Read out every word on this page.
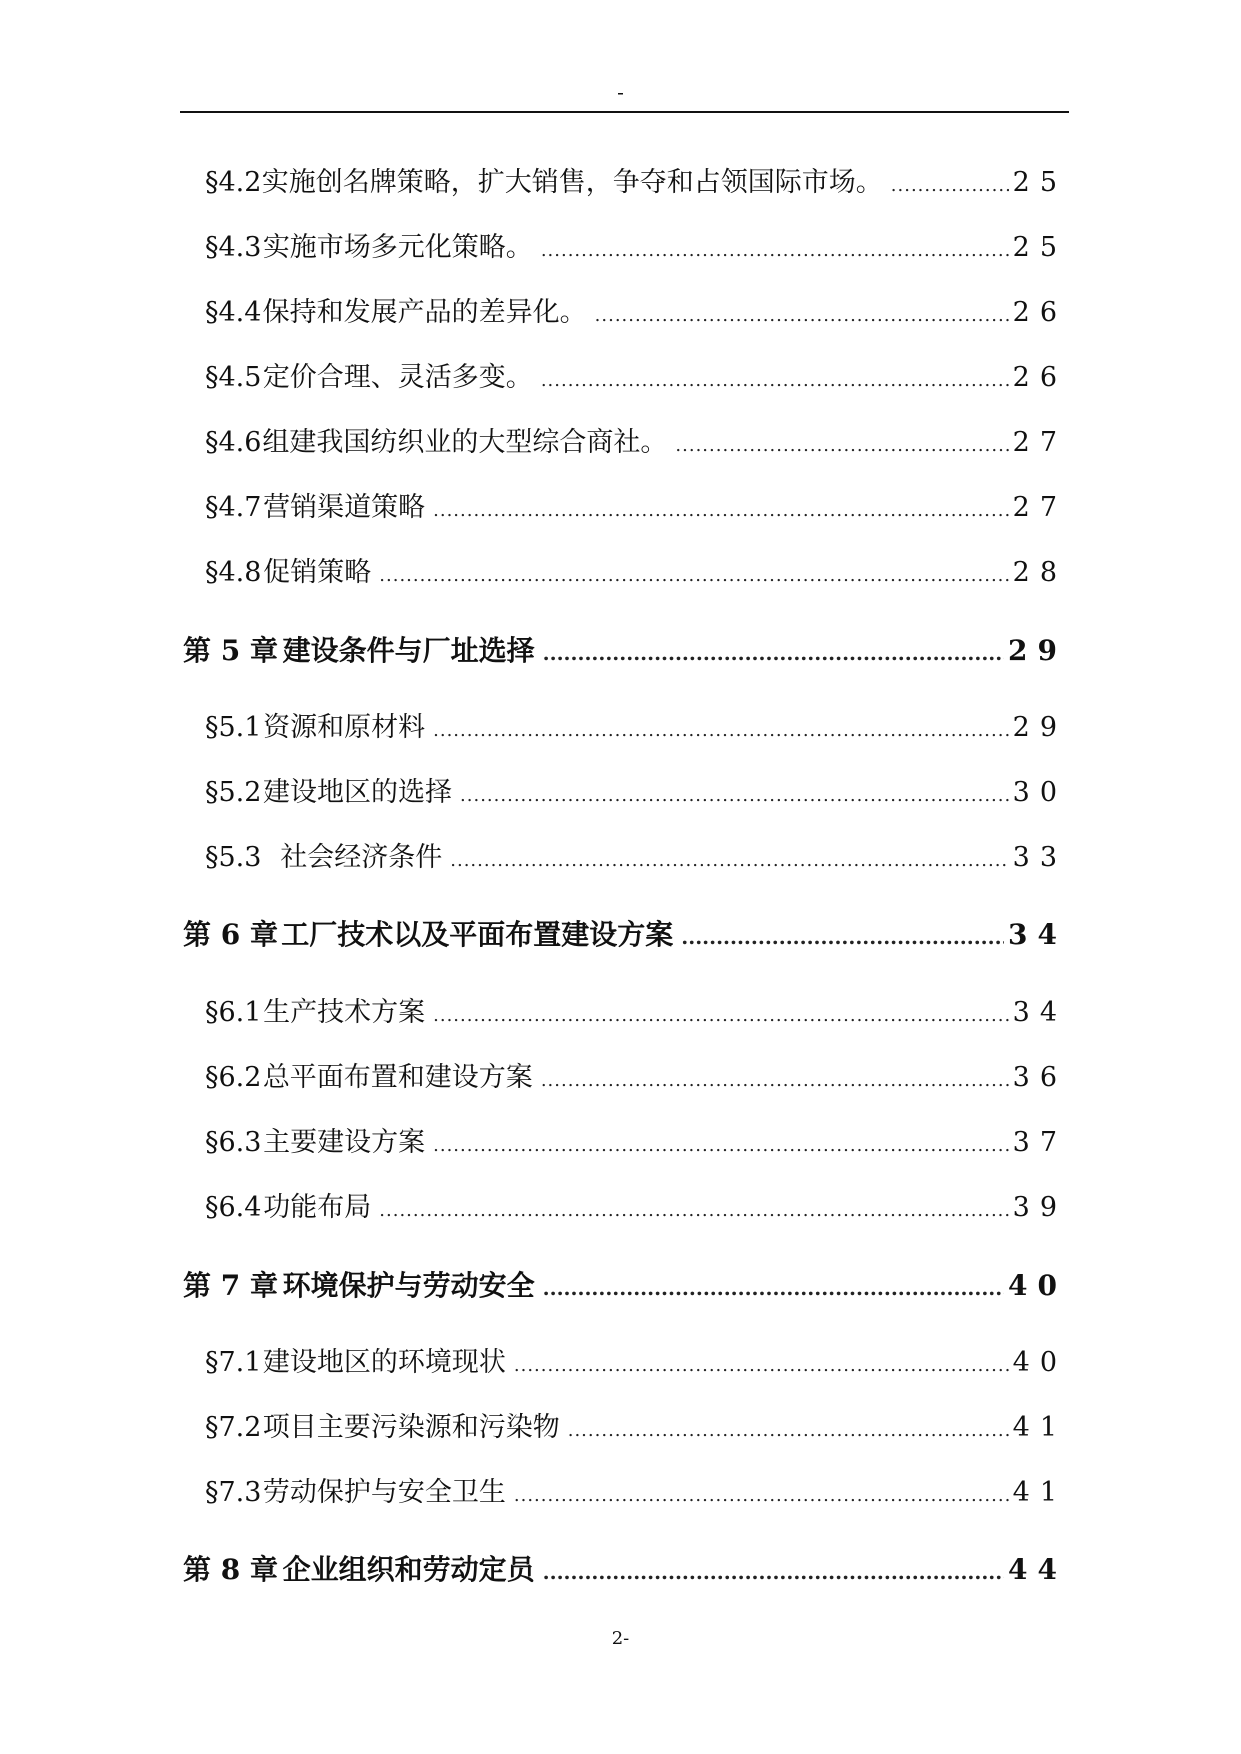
-
§4.2 实施创名牌策略，扩大销售，争夺和占领国际市场。 .....	25
§4.3 实施市场多元化策略。 .....	25
§4.4 保持和发展产品的差异化。 .....	26
§4.5 定价合理、灵活多变。 .....	26
§4.6 组建我国纺织业的大型综合商社。 .....	27
§4.7 营销渠道策略 .....	27
§4.8 促销策略 .....	28
第 5 章 建设条件与厂址选择 .....	29
§5.1 资源和原材料 .....	29
§5.2 建设地区的选择 .....	30
§5.3 社会经济条件 .....	33
第 6 章 工厂技术以及平面布置建设方案 .....	34
§6.1 生产技术方案 .....	34
§6.2 总平面布置和建设方案 .....	36
§6.3 主要建设方案 .....	37
§6.4 功能布局 .....	39
第 7 章 环境保护与劳动安全 .....	40
§7.1 建设地区的环境现状 .....	40
§7.2 项目主要污染源和污染物 .....	41
§7.3 劳动保护与安全卫生 .....	41
第 8 章 企业组织和劳动定员 .....	44
2-
